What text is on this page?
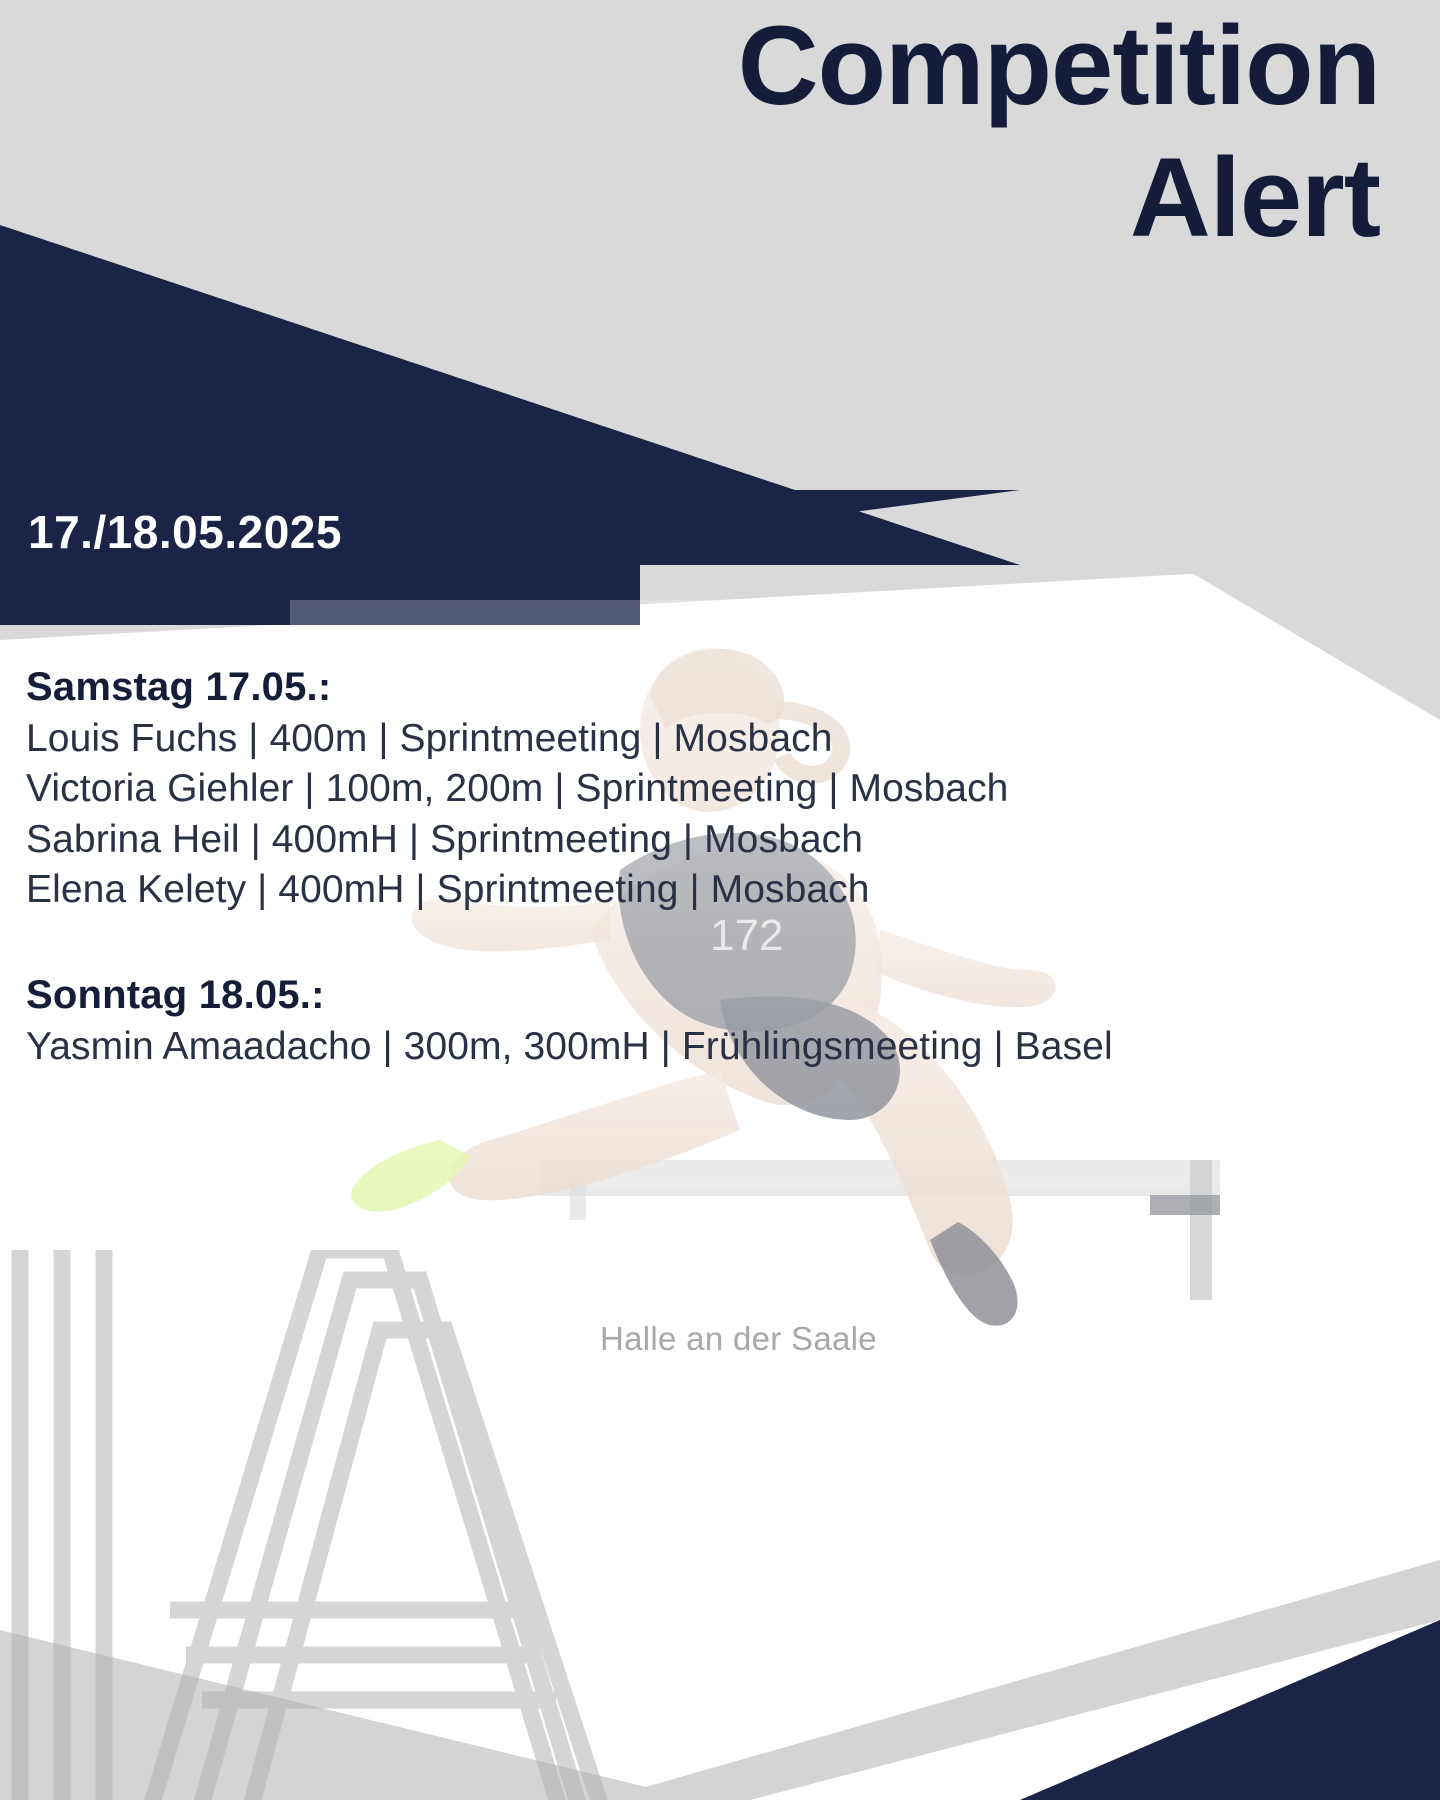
Halle an der Saale
Competition
Alert
17./18.05.2025
Samstag 17.05.:
Louis Fuchs | 400m | Sprintmeeting | Mosbach
Victoria Giehler | 100m, 200m | Sprintmeeting | Mosbach
Sabrina Heil | 400mH | Sprintmeeting | Mosbach
Elena Kelety | 400mH | Sprintmeeting | Mosbach
Sonntag 18.05.:
Yasmin Amaadacho | 300m, 300mH | Frühlingsmeeting | Basel
